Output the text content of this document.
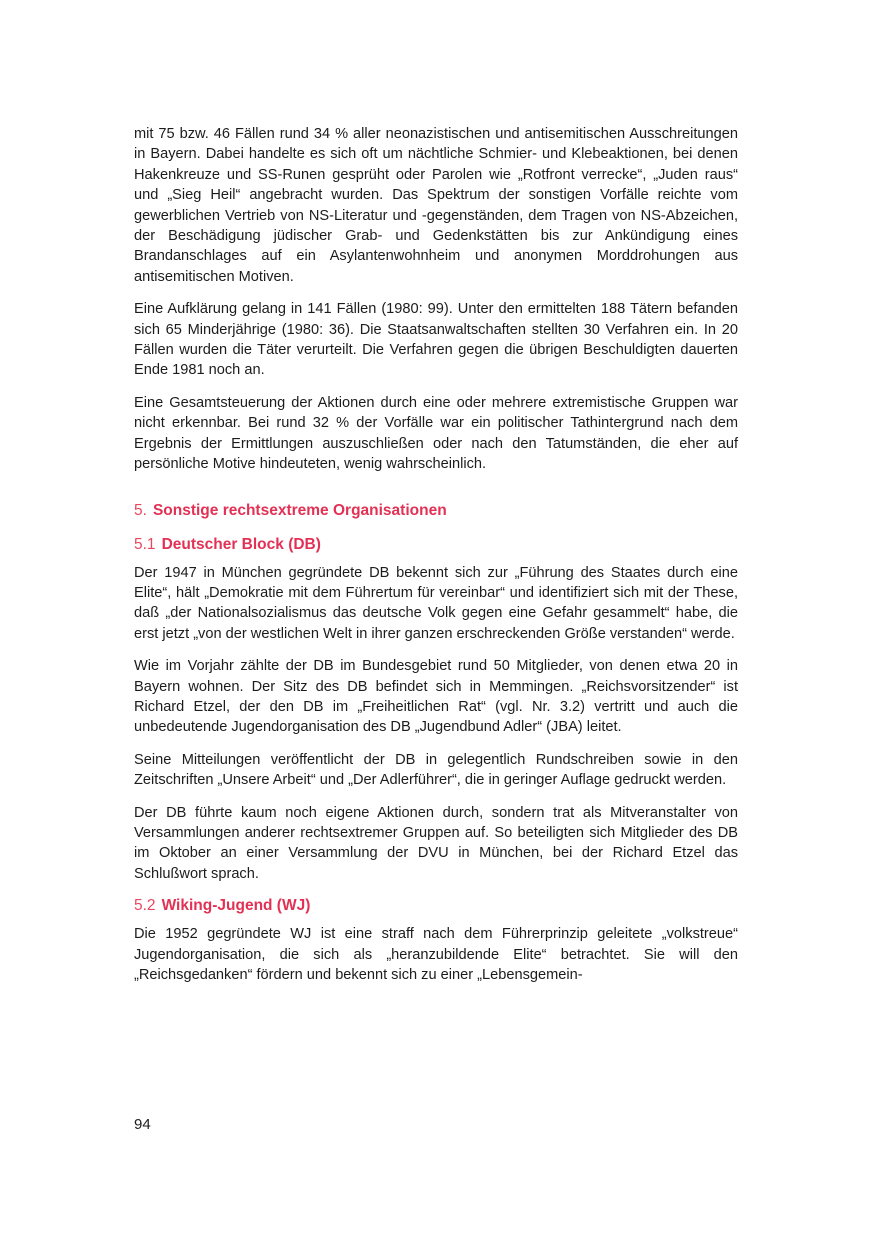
mit 75 bzw. 46 Fällen rund 34 % aller neonazistischen und antisemitischen Ausschreitungen in Bayern. Dabei handelte es sich oft um nächtliche Schmier- und Klebeaktionen, bei denen Hakenkreuze und SS-Runen gesprüht oder Parolen wie „Rotfront verrecke“, „Juden raus“ und „Sieg Heil“ angebracht wurden. Das Spektrum der sonstigen Vorfälle reichte vom gewerblichen Vertrieb von NS-Literatur und -gegenständen, dem Tragen von NS-Abzeichen, der Beschädigung jüdischer Grab- und Gedenkstätten bis zur Ankündigung eines Brandanschlages auf ein Asylantenwohnheim und anonymen Morddrohungen aus antisemitischen Motiven.

Eine Aufklärung gelang in 141 Fällen (1980: 99). Unter den ermittelten 188 Tätern befanden sich 65 Minderjährige (1980: 36). Die Staatsanwaltschaften stellten 30 Verfahren ein. In 20 Fällen wurden die Täter verurteilt. Die Verfahren gegen die übrigen Beschuldigten dauerten Ende 1981 noch an.

Eine Gesamtsteuerung der Aktionen durch eine oder mehrere extremistische Gruppen war nicht erkennbar. Bei rund 32 % der Vorfälle war ein politischer Tathintergrund nach dem Ergebnis der Ermittlungen auszuschließen oder nach den Tatumständen, die eher auf persönliche Motive hindeuteten, wenig wahrscheinlich.

5. Sonstige rechtsextreme Organisationen
5.1 Deutscher Block (DB)

Der 1947 in München gegründete DB bekennt sich zur „Führung des Staates durch eine Elite“, hält „Demokratie mit dem Führertum für vereinbar“ und identifiziert sich mit der These, daß „der Nationalsozialismus das deutsche Volk gegen eine Gefahr gesammelt“ habe, die erst jetzt „von der westlichen Welt in ihrer ganzen erschreckenden Größe verstanden“ werde.

Wie im Vorjahr zählte der DB im Bundesgebiet rund 50 Mitglieder, von denen etwa 20 in Bayern wohnen. Der Sitz des DB befindet sich in Memmingen. „Reichsvorsitzender“ ist Richard Etzel, der den DB im „Freiheitlichen Rat“ (vgl. Nr. 3.2) vertritt und auch die unbedeutende Jugendorganisation des DB „Jugendbund Adler“ (JBA) leitet.

Seine Mitteilungen veröffentlicht der DB in gelegentlich Rundschreiben sowie in den Zeitschriften „Unsere Arbeit“ und „Der Adlerführer“, die in geringer Auflage gedruckt werden.

Der DB führte kaum noch eigene Aktionen durch, sondern trat als Mitveranstalter von Versammlungen anderer rechtsextremer Gruppen auf. So beteiligten sich Mitglieder des DB im Oktober an einer Versammlung der DVU in München, bei der Richard Etzel das Schlußwort sprach.

5.2 Wiking-Jugend (WJ)

Die 1952 gegründete WJ ist eine straff nach dem Führerprinzip geleitete „volkstreue“ Jugendorganisation, die sich als „heranzubildende Elite“ betrachtet. Sie will den „Reichsgedanken“ fördern und bekennt sich zu einer „Lebensgemein-

94
